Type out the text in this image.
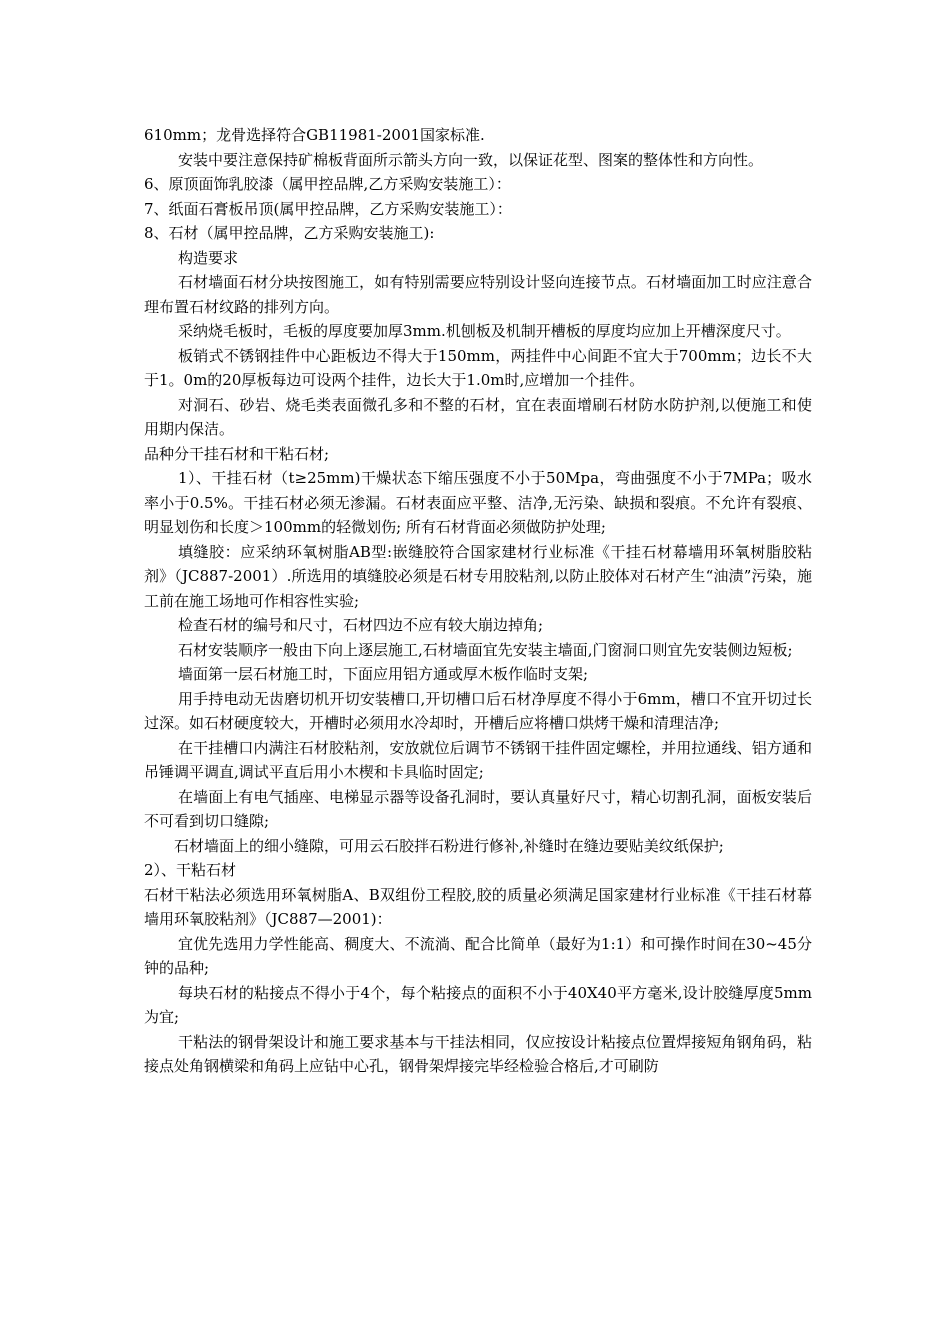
610mm；龙骨选择符合GB11981-2001国家标准.

安装中要注意保持矿棉板背面所示箭头方向一致，以保证花型、图案的整体性和方向性。

6、原顶面饰乳胶漆（属甲控品牌,乙方采购安装施工）：

7、纸面石膏板吊顶(属甲控品牌，乙方采购安装施工）：

8、石材（属甲控品牌，乙方采购安装施工):

构造要求

石材墙面石材分块按图施工，如有特别需要应特别设计竖向连接节点。石材墙面加工时应注意合理布置石材纹路的排列方向。

采纳烧毛板时，毛板的厚度要加厚3mm.机刨板及机制开槽板的厚度均应加上开槽深度尺寸。

板销式不锈钢挂件中心距板边不得大于150mm，两挂件中心间距不宜大于700mm；边长不大于1。0m的20厚板每边可设两个挂件，边长大于1.0m时,应增加一个挂件。

对洞石、砂岩、烧毛类表面微孔多和不整的石材，宜在表面增刷石材防水防护剂,以便施工和使用期内保洁。

品种分干挂石材和干粘石材;

1）、干挂石材（t≥25mm)干燥状态下缩压强度不小于50Mpa，弯曲强度不小于7MPa；吸水率小于0.5%。干挂石材必须无渗漏。石材表面应平整、洁净,无污染、缺损和裂痕。不允许有裂痕、明显划伤和长度＞100mm的轻微划伤; 所有石材背面必须做防护处理;

填缝胶：应采纳环氧树脂AB型:嵌缝胶符合国家建材行业标准《干挂石材幕墙用环氧树脂胶粘剂》（JC887-2001）.所选用的填缝胶必须是石材专用胶粘剂,以防止胶体对石材产生“油渍”污染，施工前在施工场地可作相容性实验;

检查石材的编号和尺寸，石材四边不应有较大崩边掉角;

石材安装顺序一般由下向上逐层施工,石材墙面宜先安装主墙面,门窗洞口则宜先安装侧边短板;

墙面第一层石材施工时，下面应用铝方通或厚木板作临时支架;

用手持电动无齿磨切机开切安装槽口,开切槽口后石材净厚度不得小于6mm，槽口不宜开切过长过深。如石材硬度较大，开槽时必须用水冷却时，开槽后应将槽口烘烤干燥和清理洁净;

在干挂槽口内满注石材胶粘剂，安放就位后调节不锈钢干挂件固定螺栓，并用拉通线、铝方通和吊锤调平调直,调试平直后用小木楔和卡具临时固定;

在墙面上有电气插座、电梯显示器等设备孔洞时，要认真量好尺寸，精心切割孔洞，面板安装后不可看到切口缝隙;

石材墙面上的细小缝隙，可用云石胶拌石粉进行修补,补缝时在缝边要贴美纹纸保护;

2）、干粘石材

石材干粘法必须选用环氧树脂A、B双组份工程胶,胶的质量必须满足国家建材行业标准《干挂石材幕墙用环氧胶粘剂》（JC887—2001)：

宜优先选用力学性能高、稠度大、不流淌、配合比简单（最好为1:1）和可操作时间在30~45分钟的品种;

每块石材的粘接点不得小于4个，每个粘接点的面积不小于40X40平方毫米,设计胶缝厚度5mm为宜;

干粘法的钢骨架设计和施工要求基本与干挂法相同，仅应按设计粘接点位置焊接短角钢角码，粘接点处角钢横梁和角码上应钻中心孔，钢骨架焊接完毕经检验合格后,才可刷防
